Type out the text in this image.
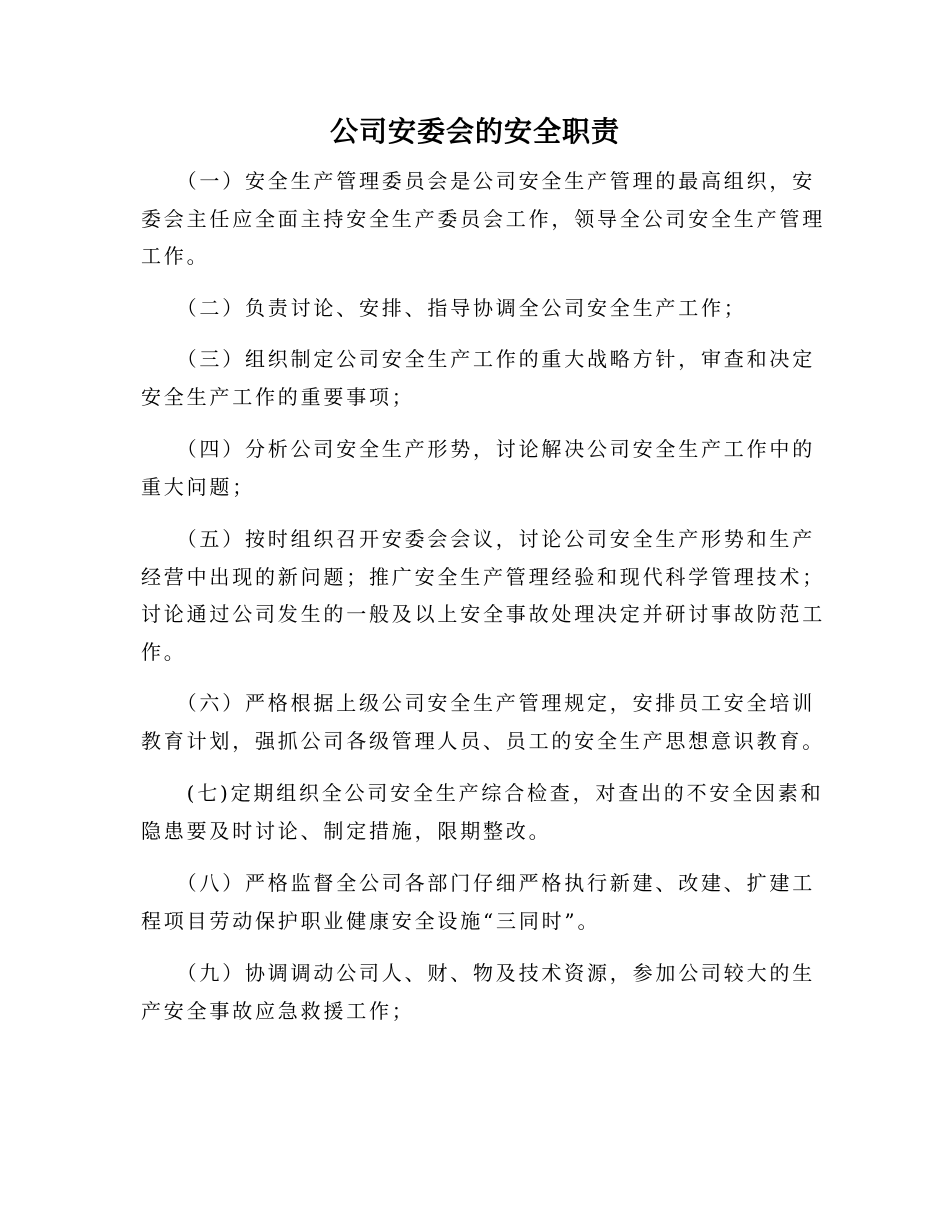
公司安委会的安全职责

　　（一）安全生产管理委员会是公司安全生产管理的最高组织，安
委会主任应全面主持安全生产委员会工作，领导全公司安全生产管理
工作。

　　（二）负责讨论、安排、指导协调全公司安全生产工作；

　　（三）组织制定公司安全生产工作的重大战略方针，审查和决定
安全生产工作的重要事项；

　　（四）分析公司安全生产形势，讨论解决公司安全生产工作中的
重大问题；

　　（五）按时组织召开安委会会议，讨论公司安全生产形势和生产
经营中出现的新问题；推广安全生产管理经验和现代科学管理技术；
讨论通过公司发生的一般及以上安全事故处理决定并研讨事故防范工
作。

　　（六）严格根据上级公司安全生产管理规定，安排员工安全培训
教育计划，强抓公司各级管理人员、员工的安全生产思想意识教育。

　　(七)定期组织全公司安全生产综合检查，对查出的不安全因素和
隐患要及时讨论、制定措施，限期整改。

　　（八）严格监督全公司各部门仔细严格执行新建、改建、扩建工
程项目劳动保护职业健康安全设施“三同时”。

　　（九）协调调动公司人、财、物及技术资源，参加公司较大的生
产安全事故应急救援工作；
